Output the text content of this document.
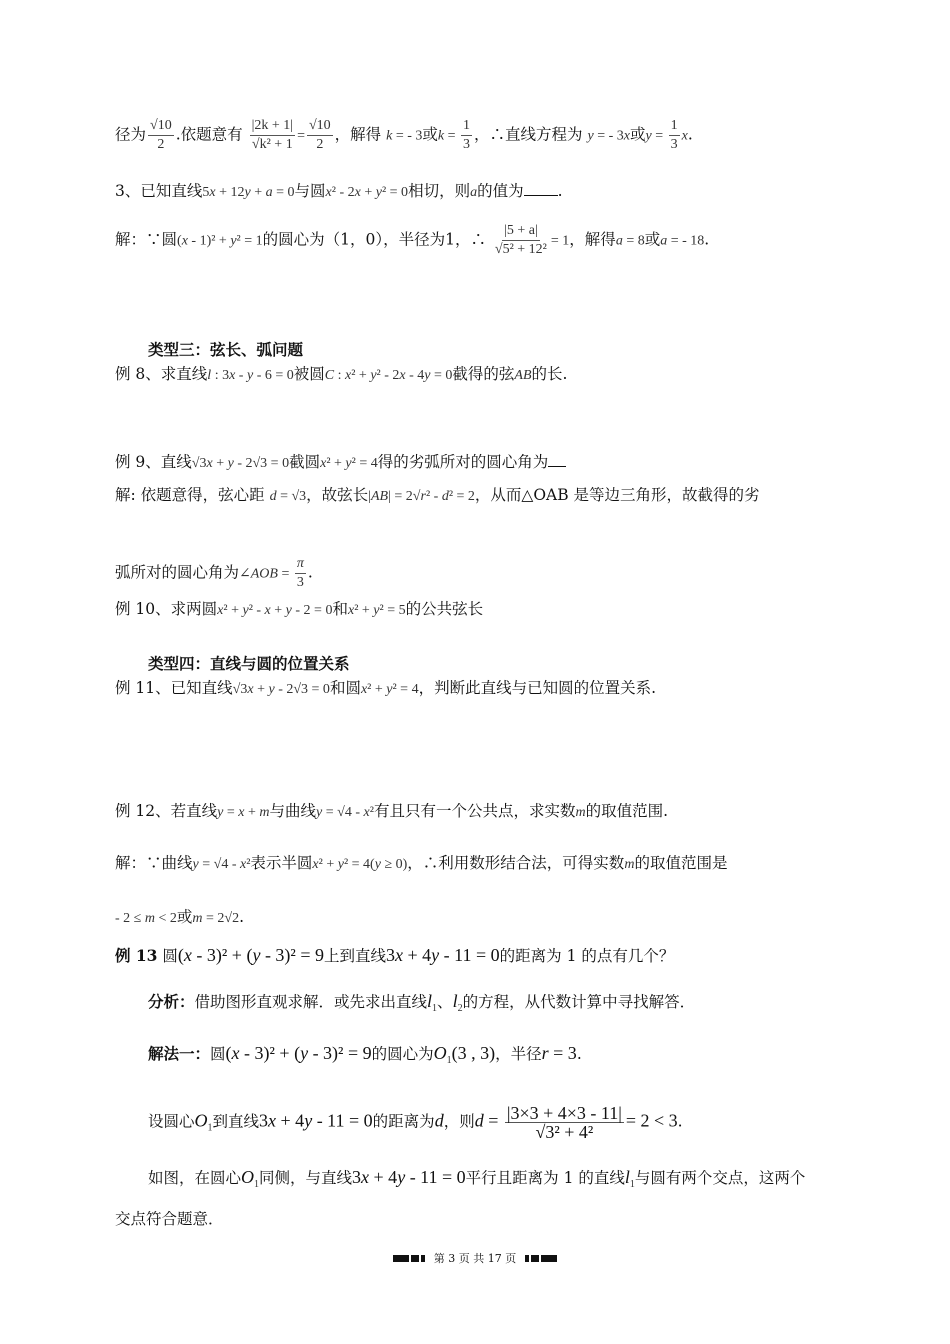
径为 $\frac{√10}{2}$ .依题意有 $\frac{|2k + 1|}{\text{√k² + 1}} = \frac{√10}{2}$ ，解得 k = - 3或$k = \frac{1}{3}$ ，∴直线方程为 y = - 3x或$y = \frac{1}{3} x$.
3、已知直线5x + 12y + a = 0与圆x² - 2x + y² = 0相切，则a的值为 .
解：∵圆(x - 1)² + y² = 1的圆心为（1，0），半径为1，∴ $\frac{|5 + a|}{\text{√5² + 12²}} = 1$，解得a = 8或a = - 18.
类型三：弦长、弧问题
例 8、求直线l : 3x - y - 6 = 0被圆C : x² + y² - 2x - 4y = 0截得的弦AB的长.
例 9、直线√3x + y - 2√3 = 0截圆x² + y² = 4得的劣弧所对的圆心角为
解: 依题意得，弦心距 d = √3，故弦长|AB| = 2√r² - d² = 2，从而△OAB 是等边三角形，故截得的劣
弧所对的圆心角为∠AOB = $\frac{\pi}{3}$ .
例 10、求两圆x² + y² - x + y - 2 = 0和x² + y² = 5的公共弦长
类型四：直线与圆的位置关系
例 11、已知直线√3x + y - 2√3 = 0和圆x² + y² = 4，判断此直线与已知圆的位置关系.
例 12、若直线y = x + m与曲线y = √4 - x²有且只有一个公共点，求实数m的取值范围.
解：∵曲线y = √4 - x²表示半圆x² + y² = 4(y ≥ 0)，∴利用数形结合法，可得实数m的取值范围是
- 2 ≤ m < 2或m = 2√2.
例 13 圆(x - 3)² + (y - 3)² = 9上到直线3x + 4y - 11 = 0的距离为 1 的点有几个？
分析：借助图形直观求解．或先求出直线$l_1$、$l_2$的方程，从代数计算中寻找解答．
解法一：圆(x - 3)² + (y - 3)² = 9的圆心为$O_1(3$ , 3)，半径r = 3.
设圆心$O_1$到直线3x + 4y - 11 = 0的距离为d，则$d = \frac{|3\times 3 + 4\times 3 - 11|}{\text{√3² + 4²}} = 2 < 3$.
如图，在圆心$O_1$同侧，与直线3x + 4y - 11 = 0平行且距离为 1 的直线$l_1$与圆有两个交点，这两个
交点符合题意．
第 3 页 共 17 页
